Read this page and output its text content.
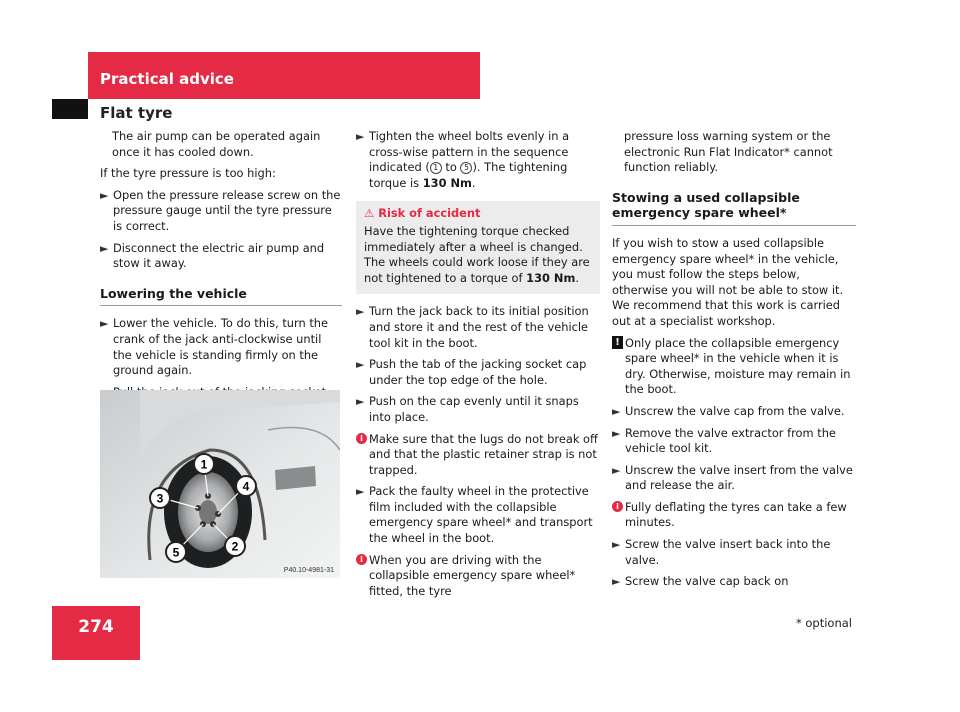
Practical advice
Flat tyre

The air pump can be operated again once it has cooled down.

If the tyre pressure is too high:

► Open the pressure release screw on the pressure gauge until the tyre pressure is correct.
► Disconnect the electric air pump and stow it away.
Lowering the vehicle
► Lower the vehicle. To do this, turn the crank of the jack anti-clockwise until the vehicle is standing firmly on the ground again.
1
4
3
2
5
P40.10-4981-31
► Tighten the wheel bolts evenly in a cross-wise pattern in the sequence indicated ( 1 to 5 ). The tightening torque is 130 Nm.
⚠ Risk of accident
Have the tightening torque checked immediately after a wheel is changed. The wheels could work loose if they are not tightened to a torque of 130 Nm.
► Turn the jack back to its initial position and store it and the rest of the vehicle tool kit in the boot.
► Push the tab of the jacking socket cap under the top edge of the hole.
► Push on the cap evenly until it snaps into place.
i Make sure that the lugs do not break off and that the plastic retainer strap is not trapped.
► Pack the faulty wheel in the protective film included with the collapsible emergency spare wheel* and transport the wheel in the boot.
i When you are driving with the collapsible emergency spare wheel* fitted, the tyre

pressure loss warning system or the electronic Run Flat Indicator* cannot function reliably.

Stowing a used collapsible emergency spare wheel*

If you wish to stow a used collapsible emergency spare wheel* in the vehicle, you must follow the steps below, otherwise you will not be able to stow it. We recommend that this work is carried out at a specialist workshop.

! Only place the collapsible emergency spare wheel* in the vehicle when it is dry. Otherwise, moisture may remain in the boot.
► Unscrew the valve cap from the valve.
► Remove the valve extractor from the vehicle tool kit.
► Unscrew the valve insert from the valve and release the air.
i Fully deflating the tyres can take a few minutes.
► Screw the valve insert back into the valve.
► Screw the valve cap back on
274	* optional
